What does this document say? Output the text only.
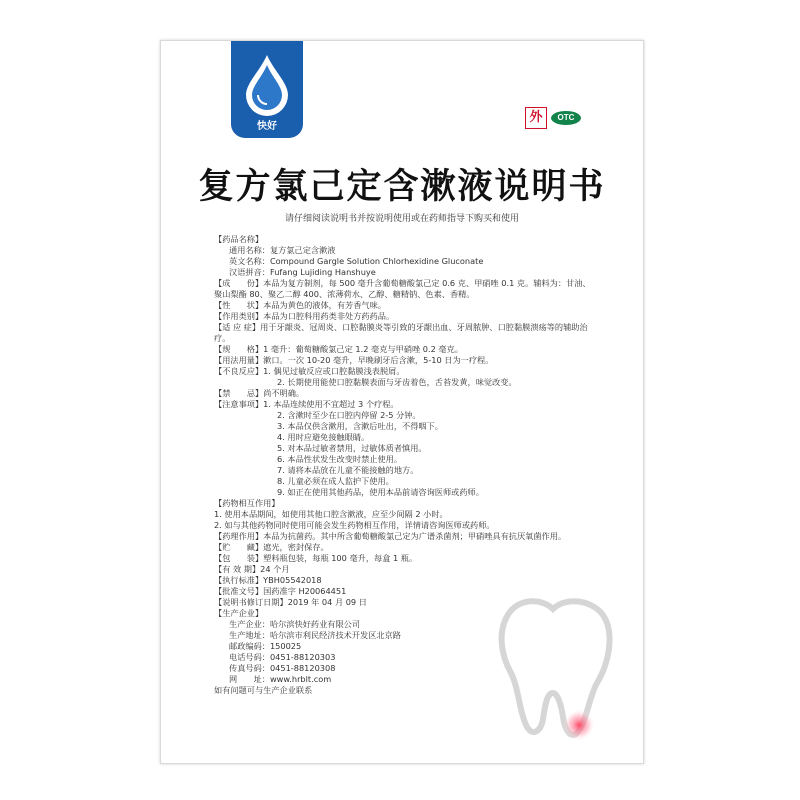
快好
外	OTC
复方氯己定含漱液说明书
请仔细阅读说明书并按说明使用或在药师指导下购买和使用
【药品名称】
通用名称：复方氯己定含漱液
英文名称：Compound Gargle Solution Chlorhexidine Gluconate
汉语拼音：Fufang Lujiding Hanshuye
【成　　份】本品为复方制剂，每 500 毫升含葡萄糖酸氯己定 0.6 克、甲硝唑 0.1 克。辅料为：甘油、聚山梨酯 80、聚乙二醇 400、浓薄荷水、乙醇、糖精钠、色素、香精。
【性　　状】本品为黄色的液体，有芳香气味。
【作用类别】本品为口腔科用药类非处方药药品。
【适 应 症】用于牙龈炎、冠周炎、口腔黏膜炎等引致的牙龈出血、牙周脓肿、口腔黏膜溃疡等的辅助治疗。
【规　　格】1 毫升：葡萄糖酸氯己定 1.2 毫克与甲硝唑 0.2 毫克。
【用法用量】漱口。一次 10-20 毫升，早晚刷牙后含漱，5-10 日为一疗程。
【不良反应】1. 偶见过敏反应或口腔黏膜浅表脱屑。
2. 长期使用能使口腔黏膜表面与牙齿着色，舌苔发黄，味觉改变。
【禁　　忌】尚不明确。
【注意事项】1. 本品连续使用不宜超过 3 个疗程。
2. 含漱时至少在口腔内停留 2-5 分钟。
3. 本品仅供含漱用，含漱后吐出，不得咽下。
4. 用时应避免接触眼睛。
5. 对本品过敏者禁用，过敏体质者慎用。
6. 本品性状发生改变时禁止使用。
7. 请将本品放在儿童不能接触的地方。
8. 儿童必须在成人监护下使用。
9. 如正在使用其他药品，使用本品前请咨询医师或药师。
【药物相互作用】
1. 使用本品期间，如使用其他口腔含漱液，应至少间隔 2 小时。
2. 如与其他药物同时使用可能会发生药物相互作用，详情请咨询医师或药师。
【药理作用】本品为抗菌药。其中所含葡萄糖酸氯己定为广谱杀菌剂；甲硝唑具有抗厌氧菌作用。
【贮　　藏】遮光，密封保存。
【包　　装】塑料瓶包装，每瓶 100 毫升，每盒 1 瓶。
【有 效 期】24 个月
【执行标准】YBH05542018
【批准文号】国药准字 H20064451
【说明书修订日期】2019 年 04 月 09 日
【生产企业】
生产企业：哈尔滨快好药业有限公司
生产地址：哈尔滨市利民经济技术开发区北京路
邮政编码：150025
电话号码：0451-88120303
传真号码：0451-88120308
网　　址：www.hrblt.com
如有问题可与生产企业联系
